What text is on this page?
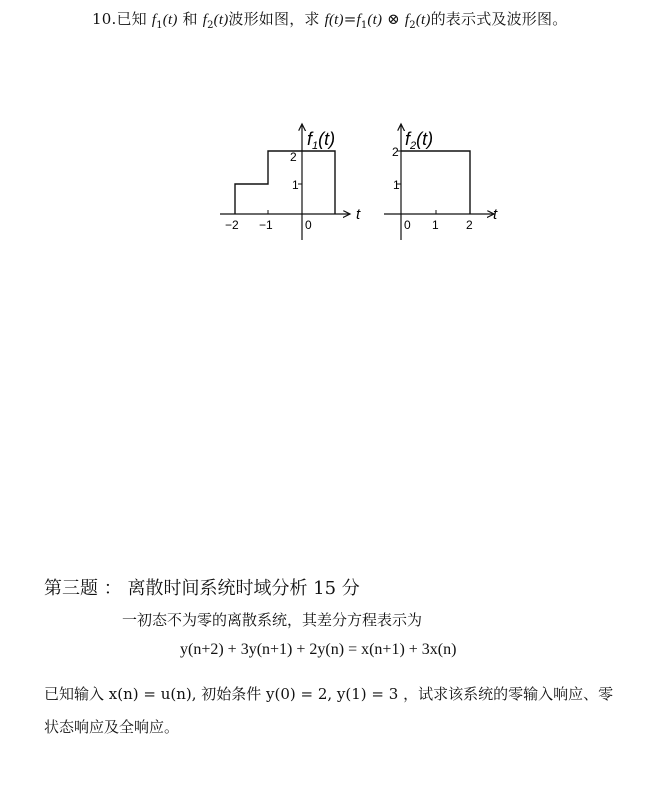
10.已知 $f_1(t)$ 和 $f_2(t)$波形如图，求 $f(t)=f_1(t)$ ⊗ $f_2(t)$的表示式及波形图。
t
−2 −1	0
2
1
$f_1(t)$
t
0 1 2
2
1
$f_2(t)$
第三题 ： 离散时间系统时域分析 15 分
一初态不为零的离散系统，其差分方程表示为
y(n+2) + 3y(n+1) + 2y(n) = x(n+1) + 3x(n)
已知输入 x(n) = u(n), 初始条件 y(0) = 2, y(1) = 3 ，试求该系统的零输入响应、零
状态响应及全响应。
